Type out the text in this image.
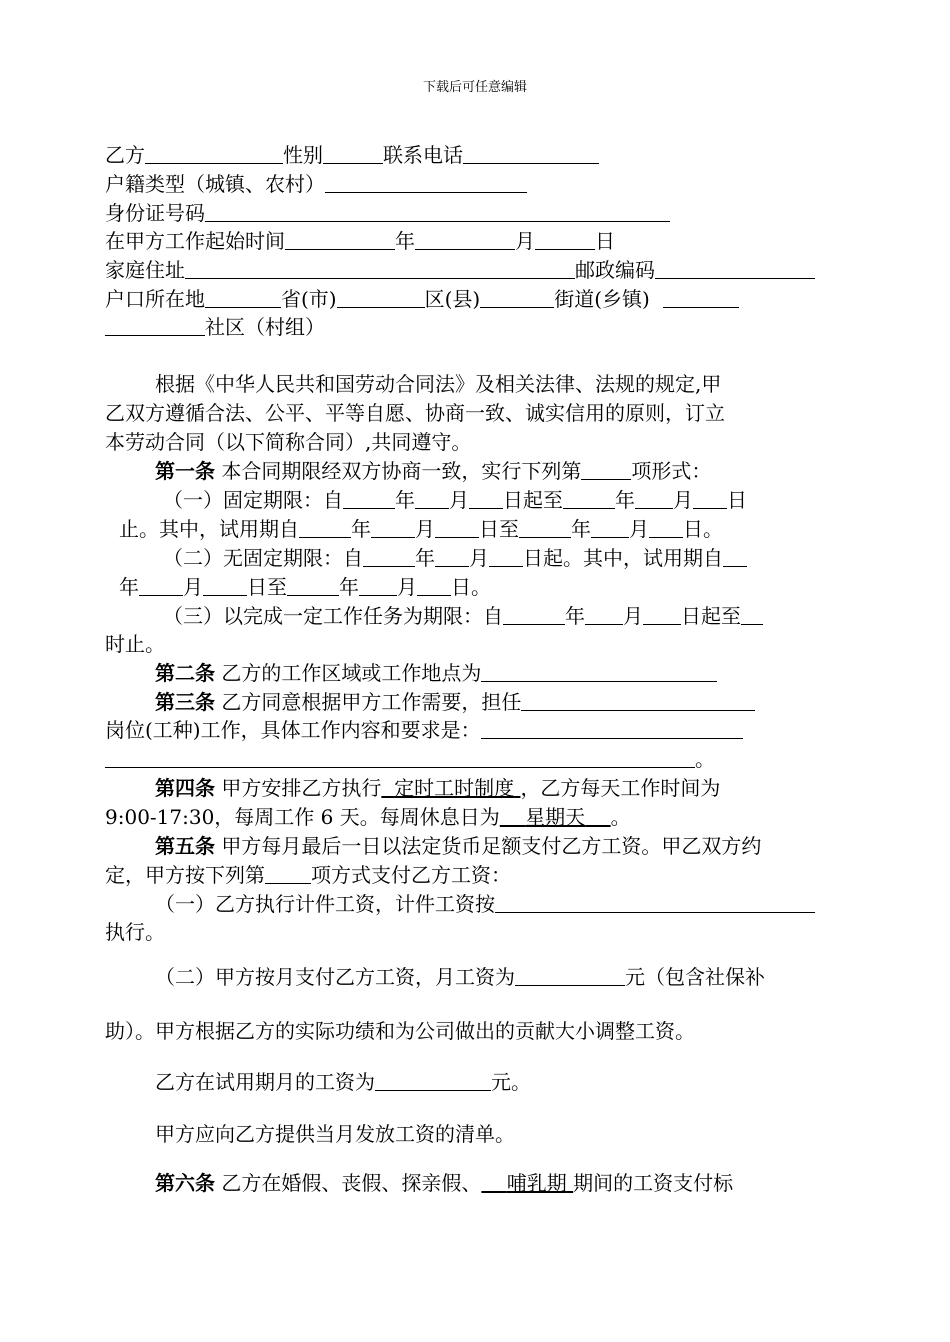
下载后可任意编辑
乙方	性别	联系电话
户籍类型（城镇、农村）
身份证号码
在甲方工作起始时间	年	月	日
家庭住址	邮政编码
户口所在地	省(市)	区(县)	街道(乡镇)
社区（村组）
根据《中华人民共和国劳动合同法》及相关法律、法规的规定,甲
乙双方遵循合法、公平、平等自愿、协商一致、诚实信用的原则，订立
本劳动合同（以下简称合同）,共同遵守。
第一条 本合同期限经双方协商一致，实行下列第	项形式：
（一）固定期限：自	年 月 日起至	年 月 日
止。其中，试用期自	年 月 日至	年 月 日。
（二）无固定期限：自	年 月 日起。其中，试用期自
年 月 日至	年 月 日。
（三）以完成一定工作任务为期限：自	年 月 日起至
时止。
第二条 乙方的工作区域或工作地点为
第三条 乙方同意根据甲方工作需要，担任
岗位(工种)工作，具体工作内容和要求是：
。
第四条 甲方安排乙方执行 定时工时制度 ，乙方每天工作时间为
9:00-17:30，每周工作 6 天。每周休息日为 星期天 。
第五条 甲方每月最后一日以法定货币足额支付乙方工资。甲乙双方约
定，甲方按下列第 项方式支付乙方工资：
（一）乙方执行计件工资，计件工资按
执行。
（二）甲方按月支付乙方工资，月工资为	元（包含社保补
助）。甲方根据乙方的实际功绩和为公司做出的贡献大小调整工资。
乙方在试用期月的工资为	元。
甲方应向乙方提供当月发放工资的清单。
第六条 乙方在婚假、丧假、探亲假、 哺乳期 期间的工资支付标
